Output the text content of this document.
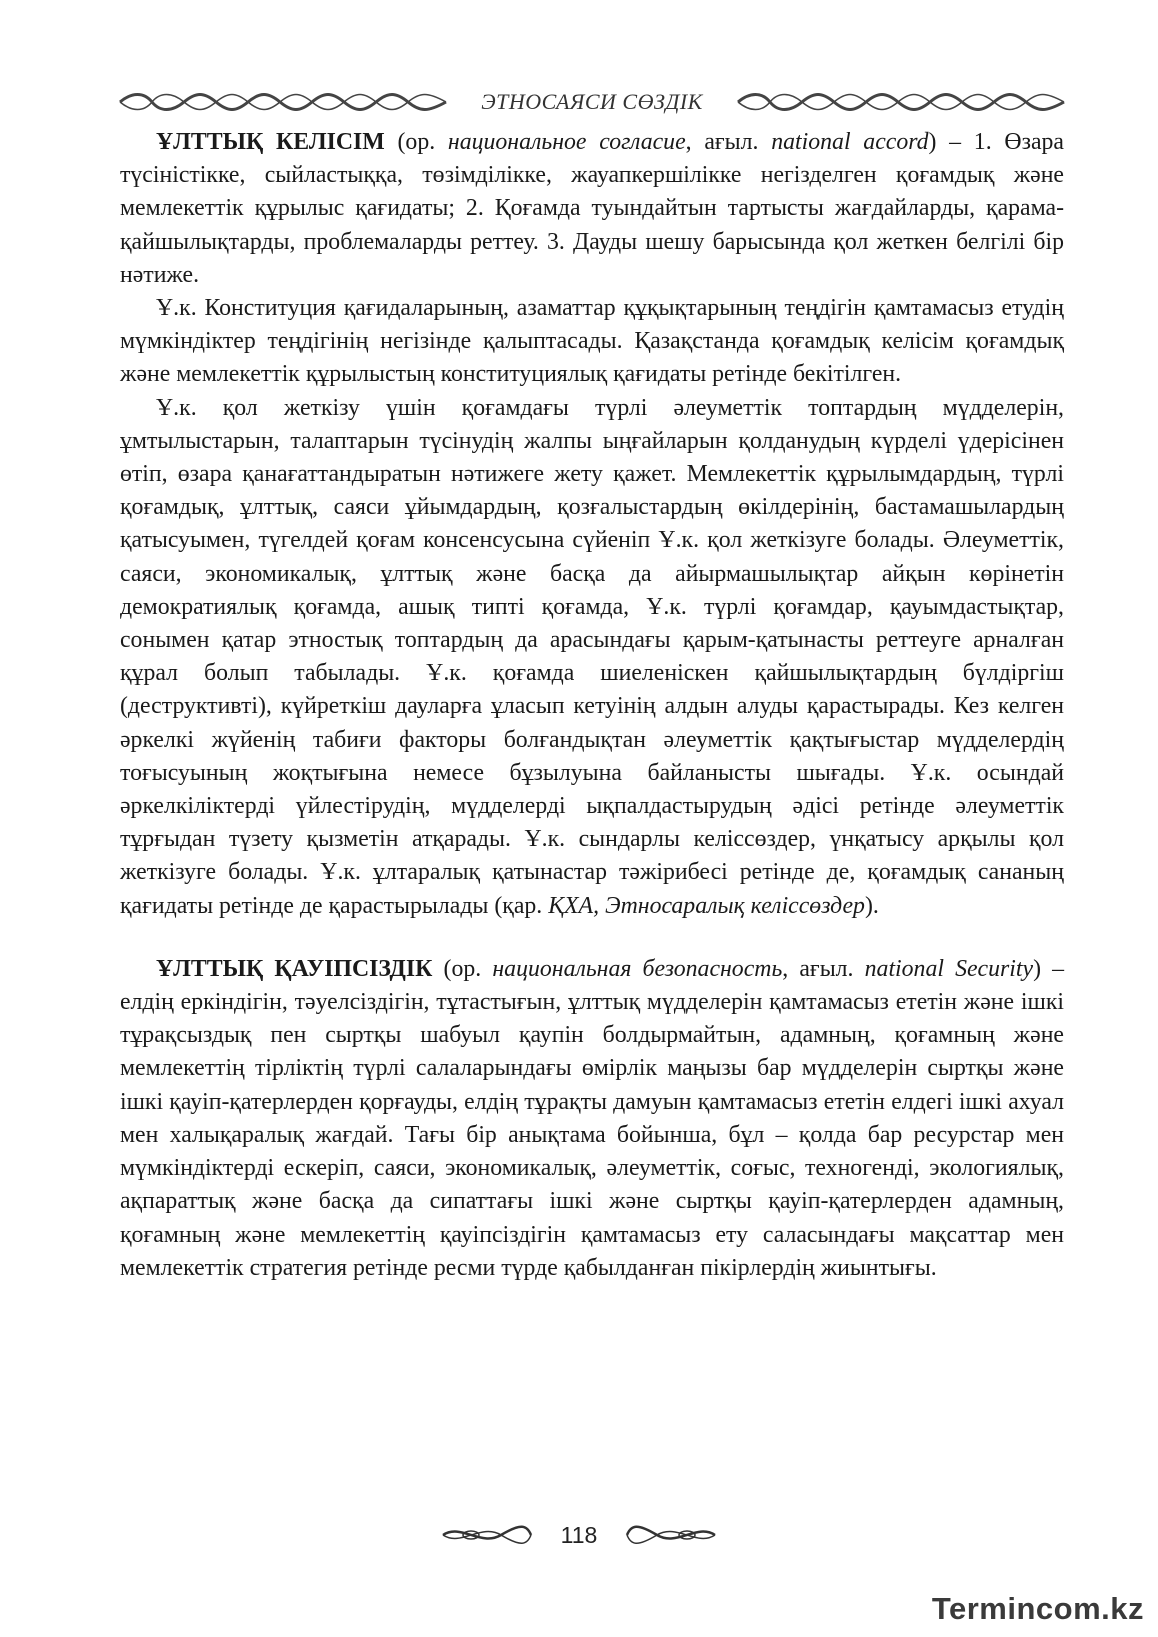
ЭТНОСАЯСИ СӨЗДІК

ҰЛТТЫҚ КЕЛІСІМ (ор. национальное согласие, ағыл. national accord) – 1. Өзара түсіністікке, сыйластыққа, төзімділікке, жауапкершілікке негізделген қоғамдық және мемлекеттік құрылыс қағидаты; 2. Қоғамда туындайтын тартысты жағдайларды, қарама-қайшылықтарды, проблемаларды реттеу. 3. Дауды шешу барысында қол жеткен белгілі бір нәтиже.

Ұ.к. Конституция қағидаларының, азаматтар құқықтарының теңдігін қамтамасыз етудің мүмкіндіктер теңдігінің негізінде қалыптасады. Қазақстанда қоғамдық келісім қоғамдық және мемлекеттік құрылыстың конституциялық қағидаты ретінде бекітілген.

Ұ.к. қол жеткізу үшін қоғамдағы түрлі әлеуметтік топтардың мүдделерін, ұмтылыстарын, талаптарын түсінудің жалпы ыңғайларын қолданудың күрделі үдерісінен өтіп, өзара қанағаттандыратын нәтижеге жету қажет. Мемлекеттік құрылымдардың, түрлі қоғамдық, ұлттық, саяси ұйымдардың, қозғалыстардың өкілдерінің, бастамашылардың қатысуымен, түгелдей қоғам консенсусына сүйеніп Ұ.к. қол жеткізуге болады. Әлеуметтік, саяси, экономикалық, ұлттық және басқа да айырмашылықтар айқын көрінетін демократиялық қоғамда, ашық типті қоғамда, Ұ.к. түрлі қоғамдар, қауымдастықтар, сонымен қатар этностық топтардың да арасындағы қарым-қатынасты реттеуге арналған құрал болып табылады. Ұ.к. қоғамда шиеленіскен қайшылықтардың бүлдіргіш (деструктивті), күйреткіш дауларға ұласып кетуінің алдын алуды қарастырады. Кез келген әркелкі жүйенің табиғи факторы болғандықтан әлеуметтік қақтығыстар мүдделердің тоғысуының жоқтығына немесе бұзылуына байланысты шығады. Ұ.к. осындай әркелкіліктерді үйлестірудің, мүдделерді ықпалдастырудың әдісі ретінде әлеуметтік тұрғыдан түзету қызметін атқарады. Ұ.к. сындарлы келіссөздер, үнқатысу арқылы қол жеткізуге болады. Ұ.к. ұлтаралық қатынастар тәжірибесі ретінде де, қоғамдық сананың қағидаты ретінде де қарастырылады (қар. ҚХА, Этносаралық келіссөздер).

ҰЛТТЫҚ ҚАУІПСІЗДІК (ор. национальная безопасность, ағыл. national Security) – елдің еркіндігін, тәуелсіздігін, тұтастығын, ұлттық мүдделерін қамтамасыз ететін және ішкі тұрақсыздық пен сыртқы шабуыл қаупін болдырмайтын, адамның, қоғамның және мемлекеттің тірліктің түрлі салаларындағы өмірлік маңызы бар мүдделерін сыртқы және ішкі қауіп-қатерлерден қорғауды, елдің тұрақты дамуын қамтамасыз ететін елдегі ішкі ахуал мен халықаралық жағдай. Тағы бір анықтама бойынша, бұл – қолда бар ресурстар мен мүмкіндіктерді ескеріп, саяси, экономикалық, әлеуметтік, соғыс, техногенді, экологиялық, ақпараттық және басқа да сипаттағы ішкі және сыртқы қауіп-қатерлерден адамның, қоғамның және мемлекеттің қауіпсіздігін қамтамасыз ету саласындағы мақсаттар мен мемлекеттік стратегия ретінде ресми түрде қабылданған пікірлердің жиынтығы.

118
Termincom.kz
